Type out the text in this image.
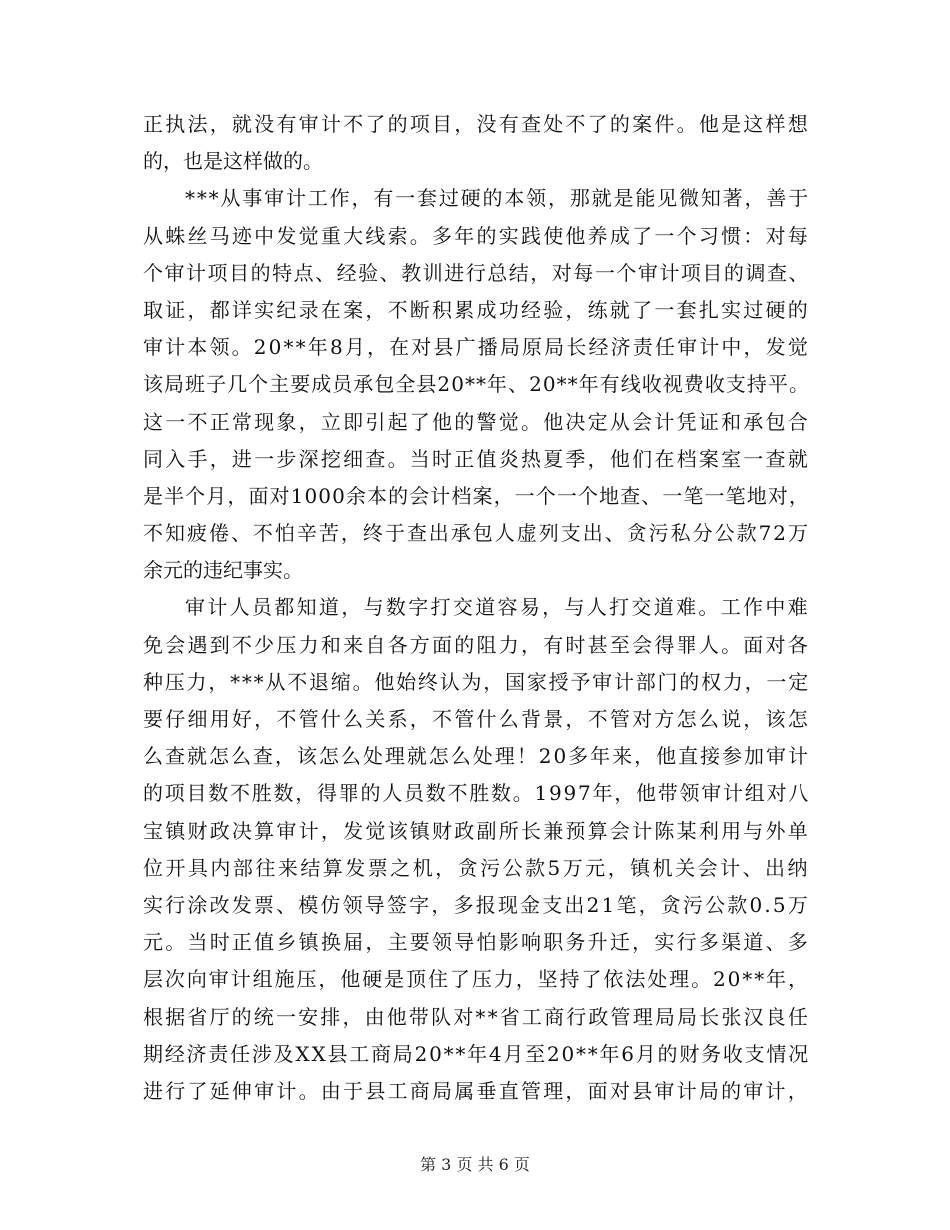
正执法，就没有审计不了的项目，没有查处不了的案件。他是这样想
的，也是这样做的。
***从事审计工作，有一套过硬的本领，那就是能见微知著，善于
从蛛丝马迹中发觉重大线索。多年的实践使他养成了一个习惯：对每
个审计项目的特点、经验、教训进行总结，对每一个审计项目的调查、
取证，都详实纪录在案，不断积累成功经验，练就了一套扎实过硬的
审计本领。20**年8月，在对县广播局原局长经济责任审计中，发觉
该局班子几个主要成员承包全县20**年、20**年有线收视费收支持平。
这一不正常现象，立即引起了他的警觉。他决定从会计凭证和承包合
同入手，进一步深挖细查。当时正值炎热夏季，他们在档案室一查就
是半个月，面对1000余本的会计档案，一个一个地查、一笔一笔地对，
不知疲倦、不怕辛苦，终于查出承包人虚列支出、贪污私分公款72万
余元的违纪事实。
审计人员都知道，与数字打交道容易，与人打交道难。工作中难
免会遇到不少压力和来自各方面的阻力，有时甚至会得罪人。面对各
种压力，***从不退缩。他始终认为，国家授予审计部门的权力，一定
要仔细用好，不管什么关系，不管什么背景，不管对方怎么说，该怎
么查就怎么查，该怎么处理就怎么处理！20多年来，他直接参加审计
的项目数不胜数，得罪的人员数不胜数。1997年，他带领审计组对八
宝镇财政决算审计，发觉该镇财政副所长兼预算会计陈某利用与外单
位开具内部往来结算发票之机，贪污公款5万元，镇机关会计、出纳
实行涂改发票、模仿领导签字，多报现金支出21笔，贪污公款0.5万
元。当时正值乡镇换届，主要领导怕影响职务升迁，实行多渠道、多
层次向审计组施压，他硬是顶住了压力，坚持了依法处理。20**年，
根据省厅的统一安排，由他带队对**省工商行政管理局局长张汉良任
期经济责任涉及XX县工商局20**年4月至20**年6月的财务收支情况
进行了延伸审计。由于县工商局属垂直管理，面对县审计局的审计，
第 3 页 共 6 页
